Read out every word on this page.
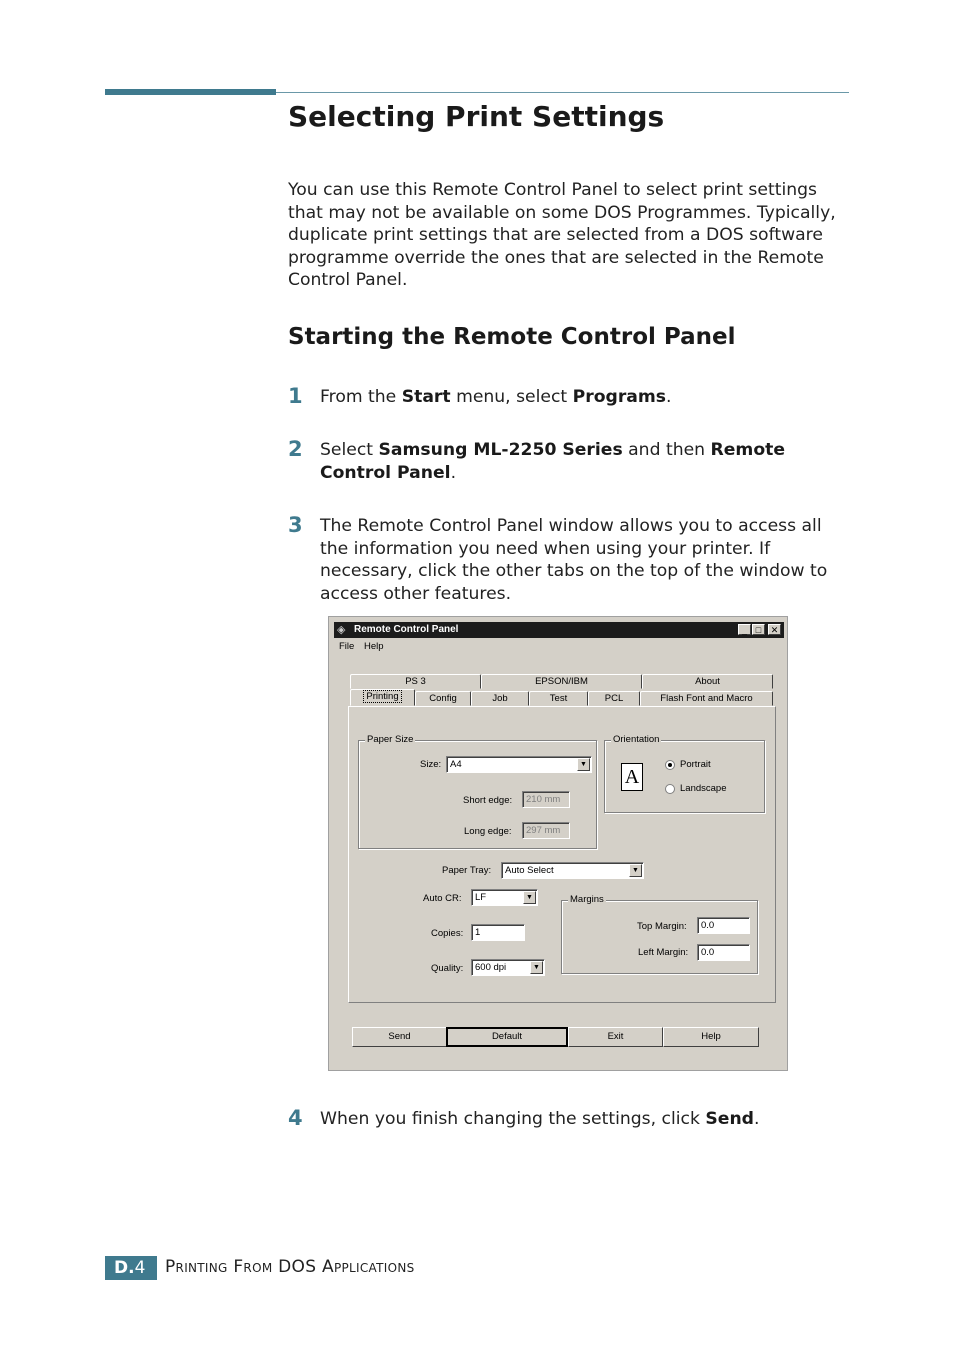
Selecting Print Settings

You can use this Remote Control Panel to select print settings that may not be available on some DOS Programmes. Typically, duplicate print settings that are selected from a DOS software programme override the ones that are selected in the Remote Control Panel.

Starting the Remote Control Panel
1 From the Start menu, select Programs.
2 Select Samsung ML-2250 Series and then Remote Control Panel.
3 The Remote Control Panel window allows you to access all the information you need when using your printer. If necessary, click the other tabs on the top of the window to access other features.
◈ Remote Control Panel	_ □	✕
File Help
PS 3	EPSON/IBM	About
Printing	Config	Job	Test	PCL	Flash Font and Macro
Paper Size
Size: A4	▼
Short edge:	210 mm
Long edge:	297 mm
Orientation
A
Portrait
Landscape
Paper Tray:	Auto Select	▼
Auto CR:	LF	▼
Copies:	1
Quality:	600 dpi	▼
Margins
Top Margin:	0.0
Left Margin:	0.0
Send	Default	Exit	Help
4 When you finish changing the settings, click Send.
D.4	Printing From DOS Applications
